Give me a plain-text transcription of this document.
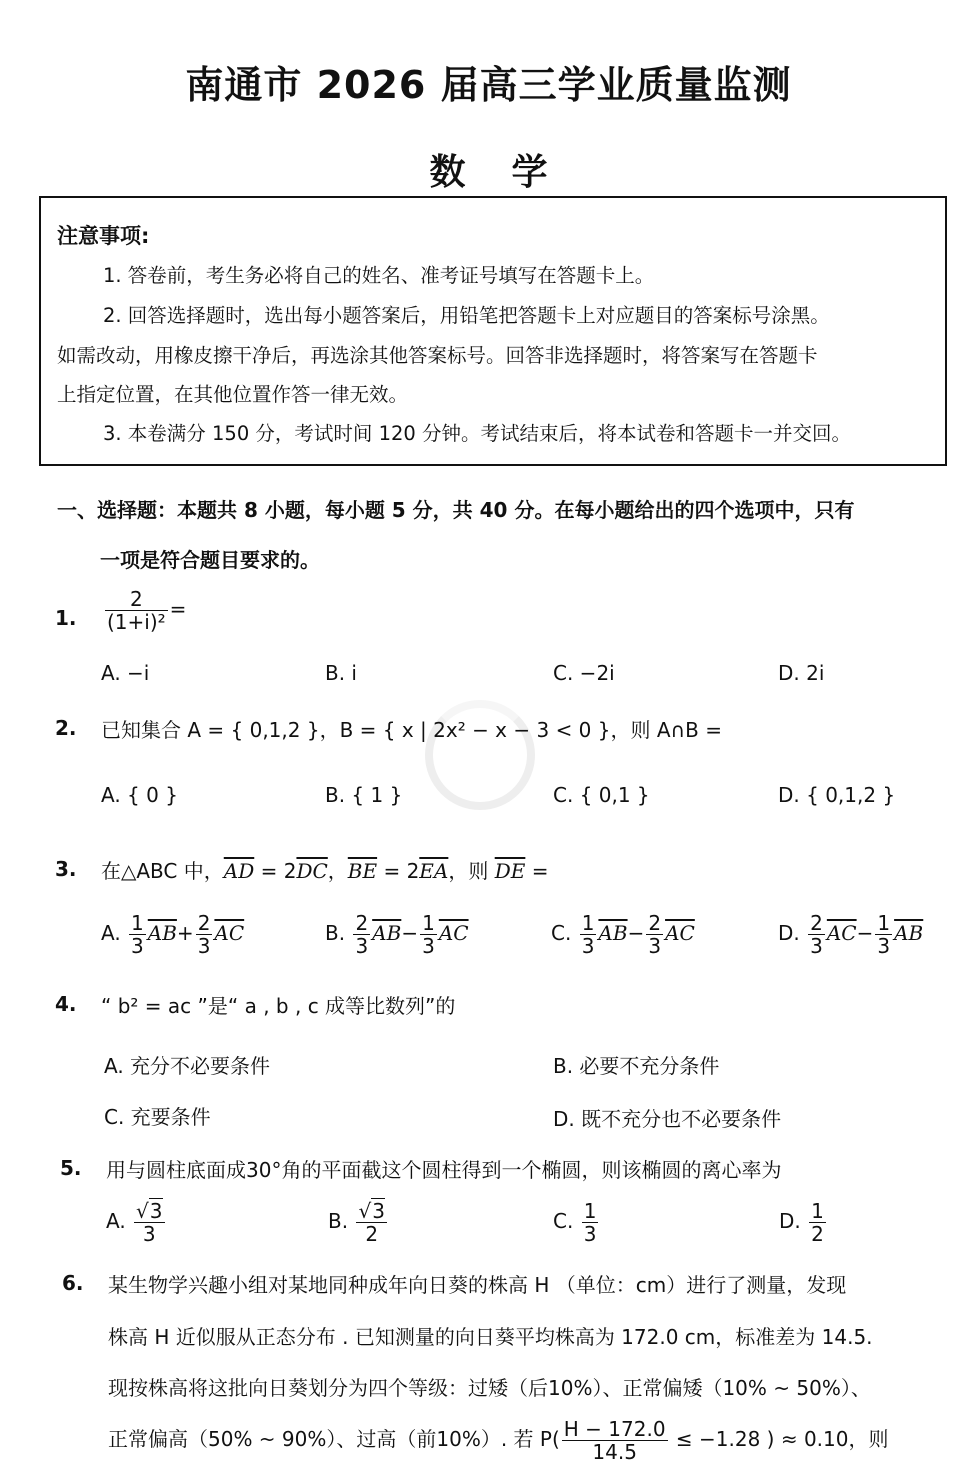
南通市 2026 届高三学业质量监测
数学
注意事项:
1. 答卷前，考生务必将自己的姓名、准考证号填写在答题卡上。
2. 回答选择题时，选出每小题答案后，用铅笔把答题卡上对应题目的答案标号涂黑。
如需改动，用橡皮擦干净后，再选涂其他答案标号。回答非选择题时，将答案写在答题卡
上指定位置，在其他位置作答一律无效。
3. 本卷满分 150 分，考试时间 120 分钟。考试结束后，将本试卷和答题卡一并交回。
一、选择题：本题共 8 小题，每小题 5 分，共 40 分。在每小题给出的四个选项中，只有
一项是符合题目要求的。
1. $\frac{2}{\text{(1+i)²}}$ =
A. −i	B. i	C. −2i	D. 2i
2. 已知集合 A = { 0,1,2 }，B = { x | 2x² − x − 3 < 0 }，则 A∩B =
A. { 0 }	B. { 1 }	C. { 0,1 }	D. { 0,1,2 }
3. 在△ABC 中，$\overline{AD} = 2\overline{DC}$，$\overline{BE} = 2\overline{EA}$，则 $\overline{DE}$ =
A. $\frac{1}{3} \overline{AB}+ \frac{2}{3} \overline{AC}$	B. $\frac{2}{3} \overline{AB}- \frac{1}{3} \overline{AC}$	C. $\frac{1}{3} \overline{AB}- \frac{2}{3} \overline{AC}$	D. $\frac{2}{3} \overline{AC}- \frac{1}{3} \overline{AB}$
4. “ b² = ac ”是“ a , b , c 成等比数列”的
A. 充分不必要条件	B. 必要不充分条件
C. 充要条件	D. 既不充分也不必要条件
5. 用与圆柱底面成30°角的平面截这个圆柱得到一个椭圆，则该椭圆的离心率为
A. $\frac{√3}{3}$	B. $\frac{√3}{2}$	C. $\frac{1}{3}$	D. $\frac{1}{2}$
6. 某生物学兴趣小组对某地同种成年向日葵的株高 H （单位：cm）进行了测量，发现
株高 H 近似服从正态分布 . 已知测量的向日葵平均株高为 172.0 cm，标准差为 14.5.
现按株高将这批向日葵划分为四个等级：过矮（后10%）、正常偏矮（10% ~ 50%）、
正常偏高（50% ~ 90%）、过高（前10%）. 若 $P( \frac{H - 172.0}{14.5} \le -1.28$ ) ≈ 0.10，则
